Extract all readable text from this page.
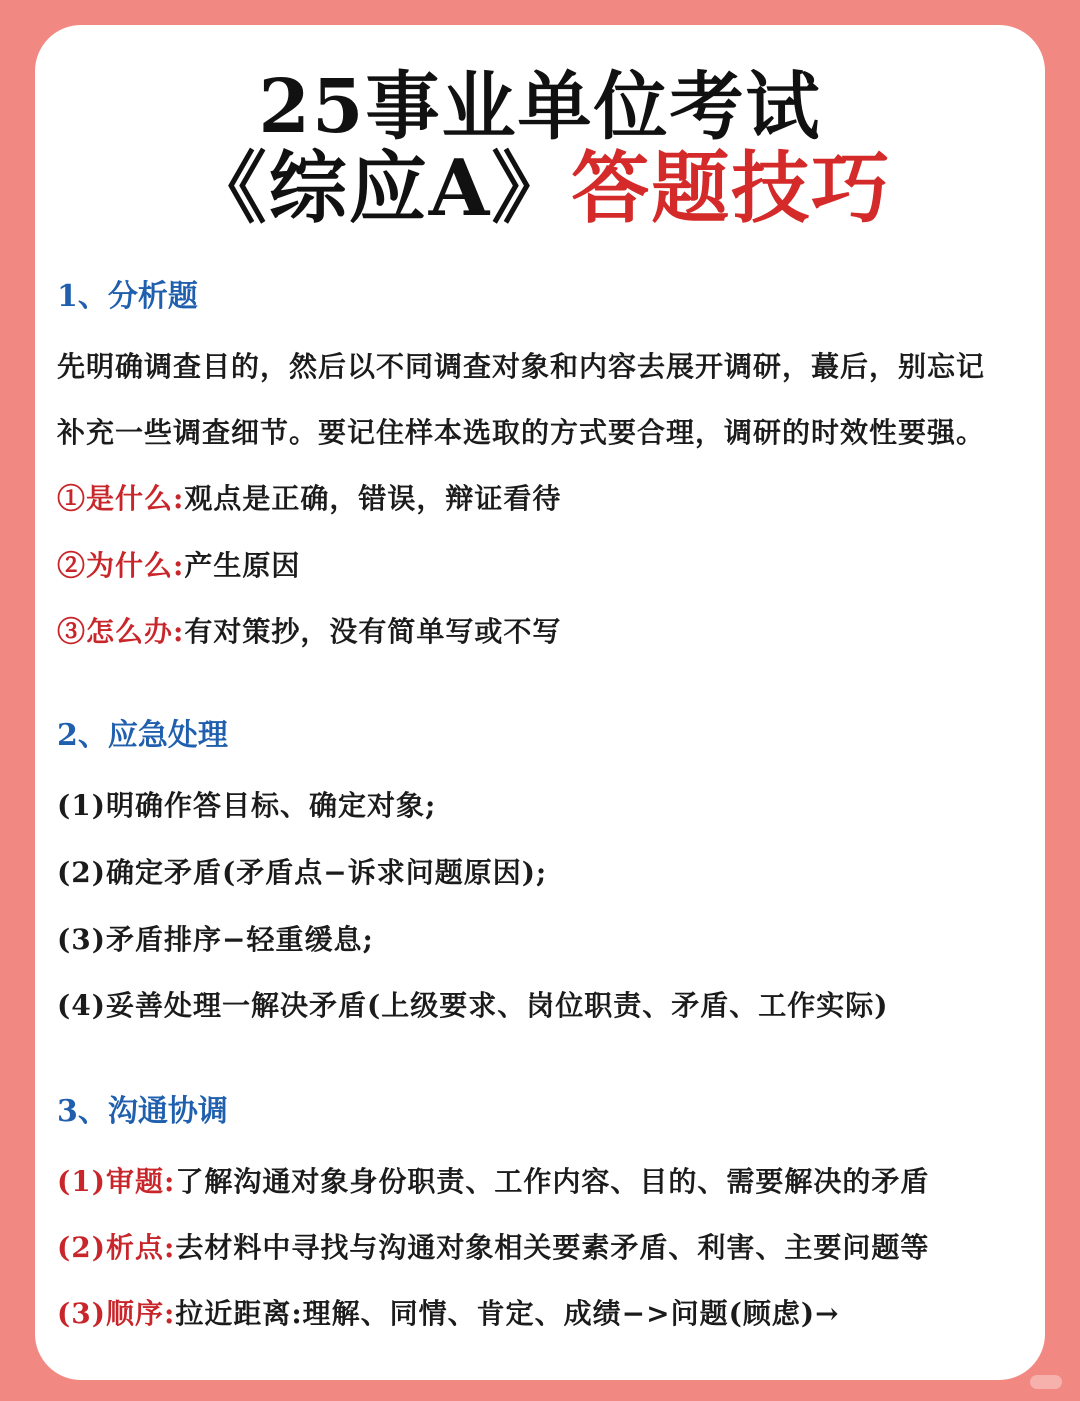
25事业单位考试
《综应A》答题技巧
1、分析题
先明确调查目的，然后以不同调查对象和内容去展开调研，蕞后，别忘记
补充一些调查细节。要记住样本选取的方式要合理，调研的时效性要强。
①是什么:观点是正确，错误，辩证看待
②为什么:产生原因
③怎么办:有对策抄，没有简单写或不写
2、应急处理
(1)明确作答目标、确定对象;
(2)确定矛盾(矛盾点−诉求问题原因);
(3)矛盾排序−轻重缓息;
(4)妥善处理一解决矛盾(上级要求、岗位职责、矛盾、工作实际)
3、沟通协调
(1)审题:了解沟通对象身份职责、工作内容、目的、需要解决的矛盾
(2)析点:去材料中寻找与沟通对象相关要素矛盾、利害、主要问题等
(3)顺序:拉近距离:理解、同情、肯定、成绩−>问题(顾虑)→
